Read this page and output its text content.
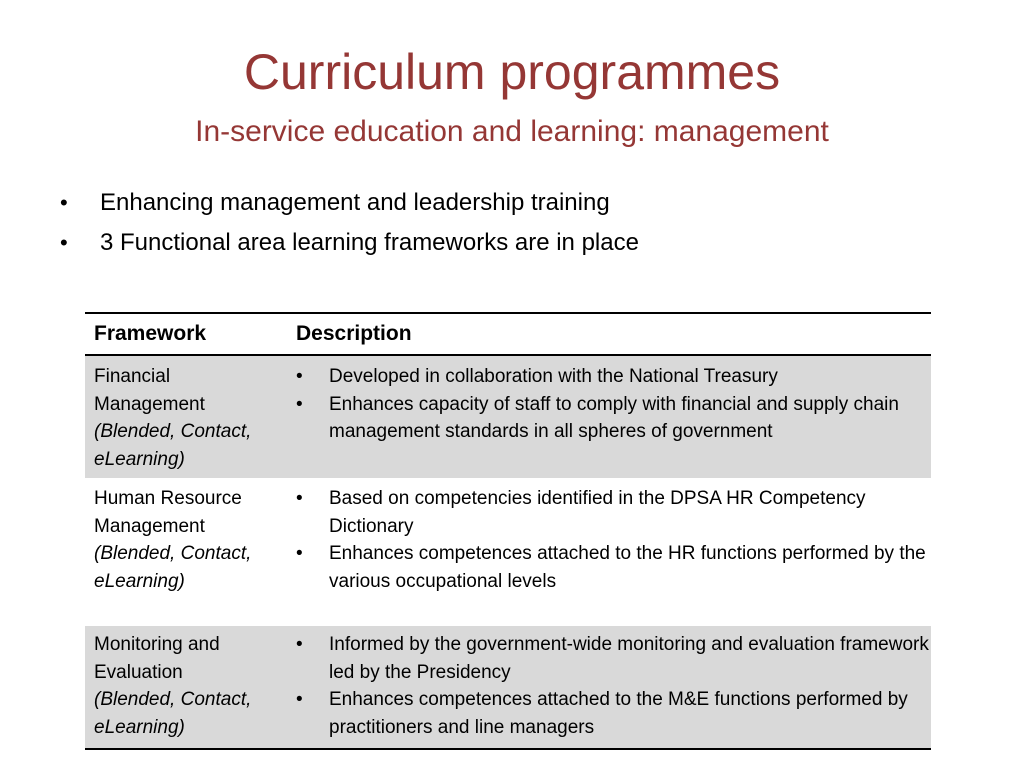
Curriculum programmes
In-service education and learning: management
• Enhancing management and leadership training
• 3 Functional area learning frameworks are in place
Framework	Description
Financial
Management
(Blended, Contact,
eLearning)
• Developed in collaboration with the National Treasury
• Enhances capacity of staff to comply with financial and supply chain management standards in all spheres of government
Human Resource
Management
(Blended, Contact,
eLearning)
• Based on competencies identified in the DPSA HR Competency Dictionary
• Enhances competences attached to the HR functions performed by the various occupational levels
Monitoring and
Evaluation
(Blended, Contact,
eLearning)
• Informed by the government-wide monitoring and evaluation framework led by the Presidency
• Enhances competences attached to the M&E functions performed by practitioners and line managers
